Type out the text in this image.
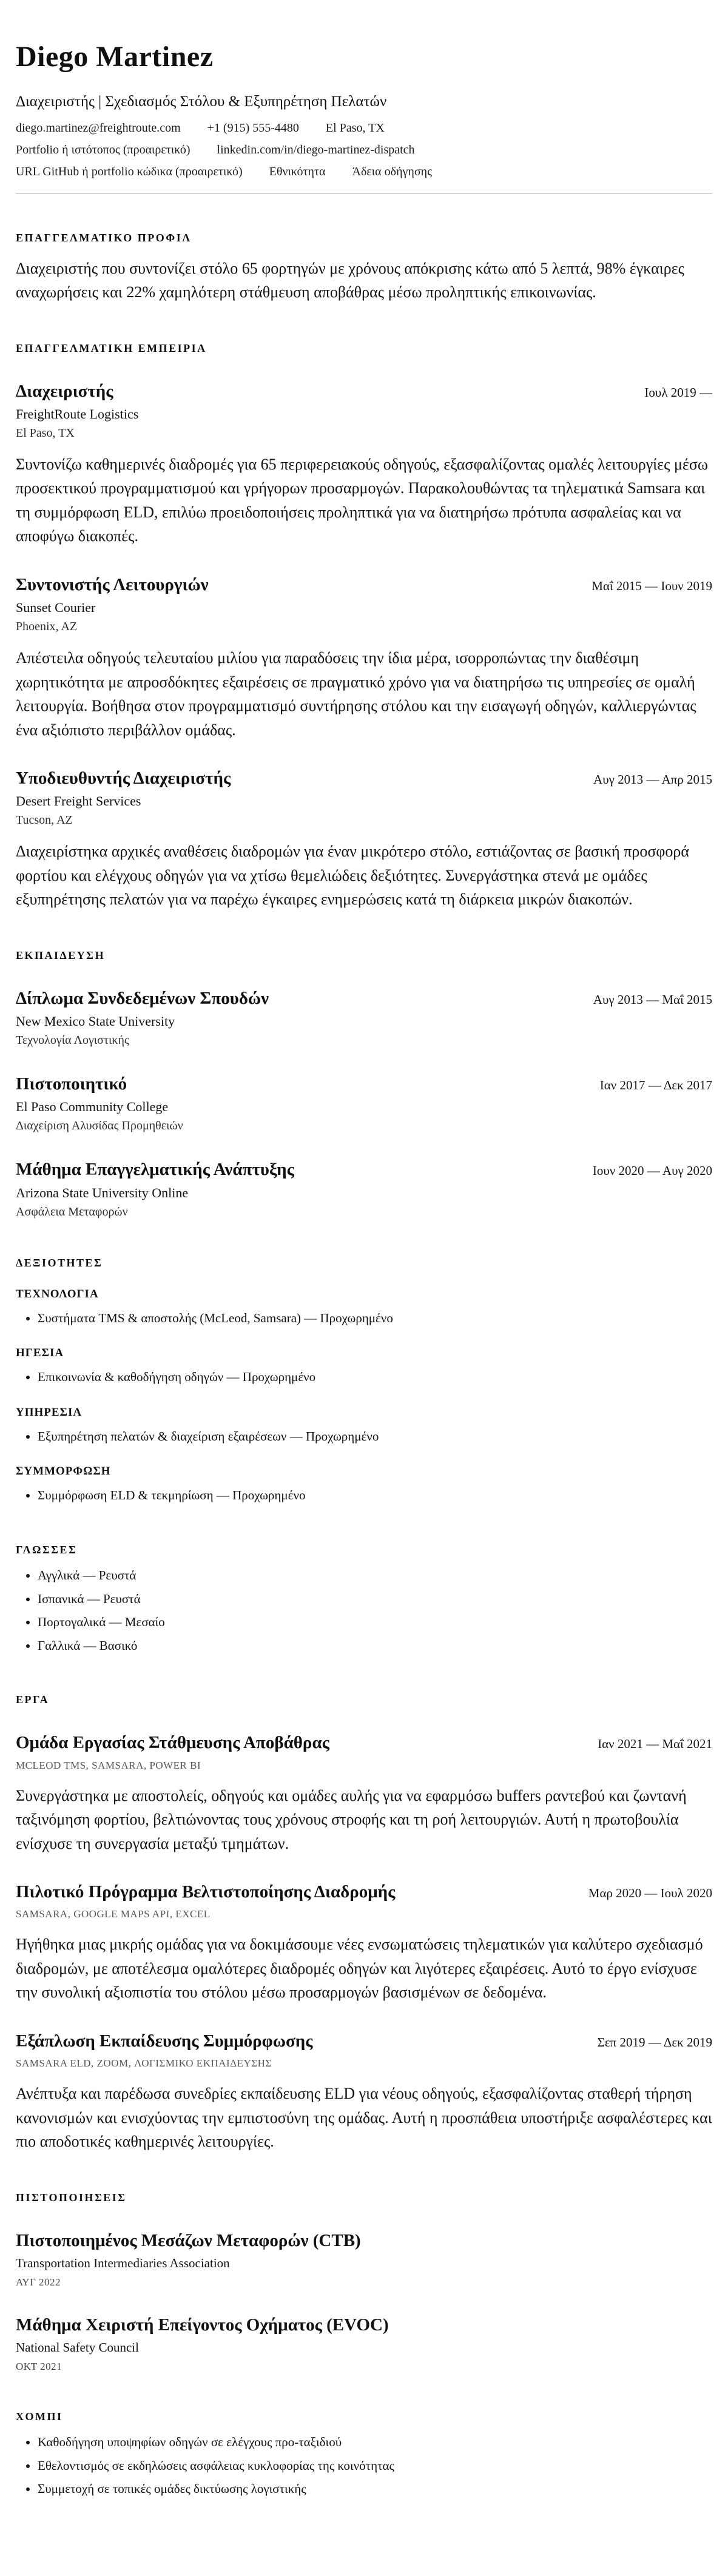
Diego Martinez
Διαχειριστής | Σχεδιασμός Στόλου & Εξυπηρέτηση Πελατών
diego.martinez@freightroute.com +1 (915) 555-4480 El Paso, TX
Portfolio ή ιστότοπος (προαιρετικό) linkedin.com/in/diego-martinez-dispatch
URL GitHub ή portfolio κώδικα (προαιρετικό) Εθνικότητα Άδεια οδήγησης
ΕΠΑΓΓΕΛΜΑΤΙΚΟ ΠΡΟΦΙΛ

Διαχειριστής που συντονίζει στόλο 65 φορτηγών με χρόνους απόκρισης κάτω από 5 λεπτά, 98% έγκαιρες αναχωρήσεις και 22% χαμηλότερη στάθμευση αποβάθρας μέσω προληπτικής επικοινωνίας.

ΕΠΑΓΓΕΛΜΑΤΙΚΗ ΕΜΠΕΙΡΙΑ
Διαχειριστής	Ιουλ 2019 —
FreightRoute Logistics
El Paso, TX

Συντονίζω καθημερινές διαδρομές για 65 περιφερειακούς οδηγούς, εξασφαλίζοντας ομαλές λειτουργίες μέσω προσεκτικού προγραμματισμού και γρήγορων προσαρμογών. Παρακολουθώντας τα τηλεματικά Samsara και τη συμμόρφωση ELD, επιλύω προειδοποιήσεις προληπτικά για να διατηρήσω πρότυπα ασφαλείας και να αποφύγω διακοπές.

Συντονιστής Λειτουργιών	Μαΐ 2015 — Ιουν 2019
Sunset Courier
Phoenix, AZ

Απέστειλα οδηγούς τελευταίου μιλίου για παραδόσεις την ίδια μέρα, ισορροπώντας την διαθέσιμη χωρητικότητα με απροσδόκητες εξαιρέσεις σε πραγματικό χρόνο για να διατηρήσω τις υπηρεσίες σε ομαλή λειτουργία. Βοήθησα στον προγραμματισμό συντήρησης στόλου και την εισαγωγή οδηγών, καλλιεργώντας ένα αξιόπιστο περιβάλλον ομάδας.

Υποδιευθυντής Διαχειριστής	Αυγ 2013 — Απρ 2015
Desert Freight Services
Tucson, AZ

Διαχειρίστηκα αρχικές αναθέσεις διαδρομών για έναν μικρότερο στόλο, εστιάζοντας σε βασική προσφορά φορτίου και ελέγχους οδηγών για να χτίσω θεμελιώδεις δεξιότητες. Συνεργάστηκα στενά με ομάδες εξυπηρέτησης πελατών για να παρέχω έγκαιρες ενημερώσεις κατά τη διάρκεια μικρών διακοπών.

ΕΚΠΑΙΔΕΥΣΗ
Δίπλωμα Συνδεδεμένων Σπουδών	Αυγ 2013 — Μαΐ 2015
New Mexico State University
Τεχνολογία Λογιστικής
Πιστοποιητικό	Ιαν 2017 — Δεκ 2017
El Paso Community College
Διαχείριση Αλυσίδας Προμηθειών
Μάθημα Επαγγελματικής Ανάπτυξης	Ιουν 2020 — Αυγ 2020
Arizona State University Online
Ασφάλεια Μεταφορών
ΔΕΞΙΟΤΗΤΕΣ
ΤΕΧΝΟΛΟΓΙΑ
• Συστήματα TMS & αποστολής (McLeod, Samsara) — Προχωρημένο
ΗΓΕΣΙΑ
• Επικοινωνία & καθοδήγηση οδηγών — Προχωρημένο
ΥΠΗΡΕΣΙΑ
• Εξυπηρέτηση πελατών & διαχείριση εξαιρέσεων — Προχωρημένο
ΣΥΜΜΟΡΦΩΣΗ
• Συμμόρφωση ELD & τεκμηρίωση — Προχωρημένο
ΓΛΩΣΣΕΣ
• Αγγλικά — Ρευστά
• Ισπανικά — Ρευστά
• Πορτογαλικά — Μεσαίο
• Γαλλικά — Βασικό
ΕΡΓΑ
Ομάδα Εργασίας Στάθμευσης Αποβάθρας	Ιαν 2021 — Μαΐ 2021
MCLEOD TMS, SAMSARA, POWER BI

Συνεργάστηκα με αποστολείς, οδηγούς και ομάδες αυλής για να εφαρμόσω buffers ραντεβού και ζωντανή ταξινόμηση φορτίου, βελτιώνοντας τους χρόνους στροφής και τη ροή λειτουργιών. Αυτή η πρωτοβουλία ενίσχυσε τη συνεργασία μεταξύ τμημάτων.

Πιλοτικό Πρόγραμμα Βελτιστοποίησης Διαδρομής	Μαρ 2020 — Ιουλ 2020
SAMSARA, GOOGLE MAPS API, EXCEL

Ηγήθηκα μιας μικρής ομάδας για να δοκιμάσουμε νέες ενσωματώσεις τηλεματικών για καλύτερο σχεδιασμό διαδρομών, με αποτέλεσμα ομαλότερες διαδρομές οδηγών και λιγότερες εξαιρέσεις. Αυτό το έργο ενίσχυσε την συνολική αξιοπιστία του στόλου μέσω προσαρμογών βασισμένων σε δεδομένα.

Εξάπλωση Εκπαίδευσης Συμμόρφωσης	Σεπ 2019 — Δεκ 2019
SAMSARA ELD, ZOOM, ΛΟΓΙΣΜΙΚΟ ΕΚΠΑΙΔΕΥΣΗΣ

Ανέπτυξα και παρέδωσα συνεδρίες εκπαίδευσης ELD για νέους οδηγούς, εξασφαλίζοντας σταθερή τήρηση κανονισμών και ενισχύοντας την εμπιστοσύνη της ομάδας. Αυτή η προσπάθεια υποστήριξε ασφαλέστερες και πιο αποδοτικές καθημερινές λειτουργίες.

ΠΙΣΤΟΠΟΙΗΣΕΙΣ
Πιστοποιημένος Μεσάζων Μεταφορών (CTB)
Transportation Intermediaries Association
ΑΥΓ 2022
Μάθημα Χειριστή Επείγοντος Οχήματος (EVOC)
National Safety Council
ΟΚΤ 2021
ΧΟΜΠΙ
• Καθοδήγηση υποψηφίων οδηγών σε ελέγχους προ-ταξιδιού
• Εθελοντισμός σε εκδηλώσεις ασφάλειας κυκλοφορίας της κοινότητας
• Συμμετοχή σε τοπικές ομάδες δικτύωσης λογιστικής
